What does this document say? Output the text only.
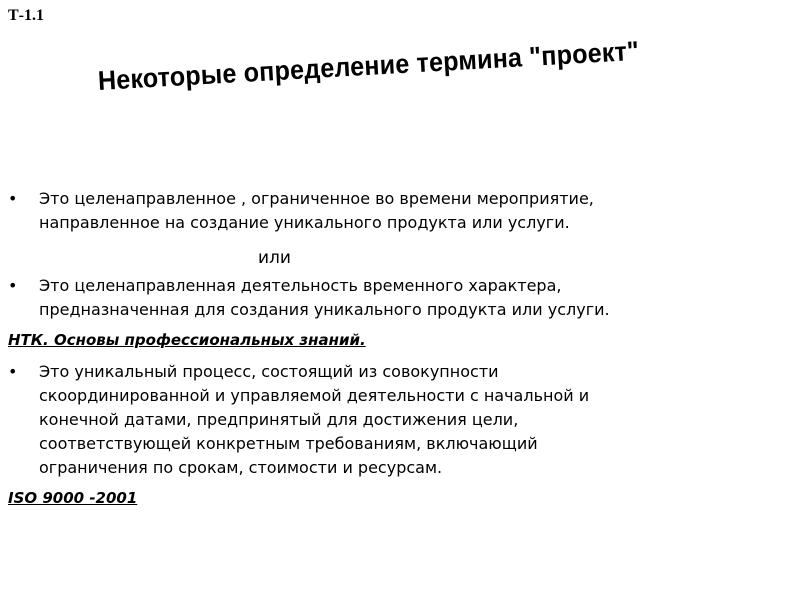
Т-1.1
Некоторые определение термина "проект"
•	Это целенаправленное , ограниченное во времени мероприятие,
направленное на создание уникального продукта или услуги.
или
•	Это целенаправленная деятельность временного характера,
предназначенная для создания уникального продукта или услуги.
НТК. Основы профессиональных знаний.
•	Это уникальный процесс, состоящий из совокупности
скоординированной и управляемой деятельности с начальной и
конечной датами, предпринятый для достижения цели,
соответствующей конкретным требованиям, включающий
ограничения по срокам, стоимости и ресурсам.
ISO 9000 -2001
